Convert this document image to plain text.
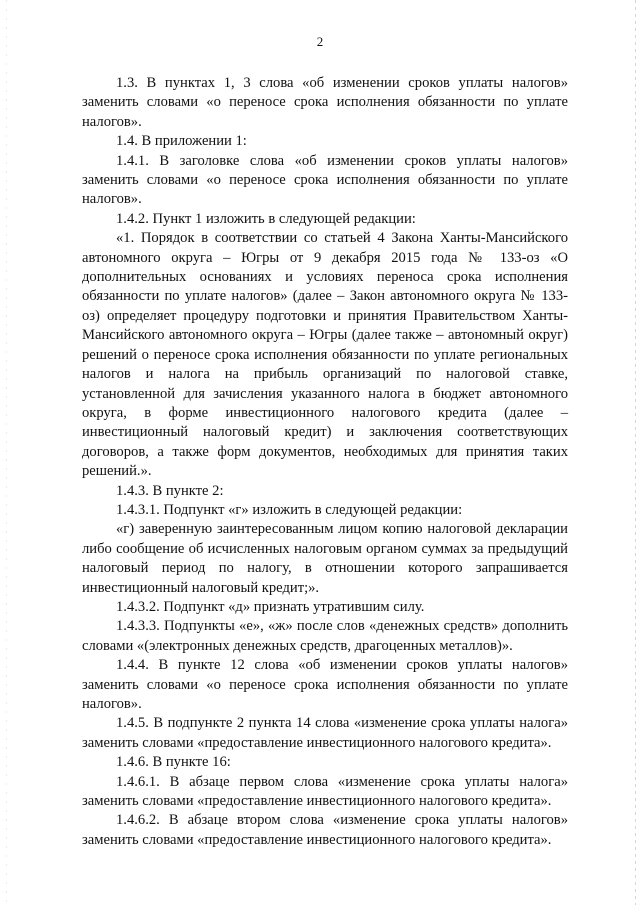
2

1.3. В пунктах 1, 3 слова «об изменении сроков уплаты налогов» заменить словами «о переносе срока исполнения обязанности по уплате налогов».

1.4. В приложении 1:

1.4.1. В заголовке слова «об изменении сроков уплаты налогов» заменить словами «о переносе срока исполнения обязанности по уплате налогов».

1.4.2. Пункт 1 изложить в следующей редакции:

«1. Порядок в соответствии со статьей 4 Закона Ханты-Мансийского автономного округа – Югры от 9 декабря 2015 года № 133-оз «О дополнительных основаниях и условиях переноса срока исполнения обязанности по уплате налогов» (далее – Закон автономного округа № 133-оз) определяет процедуру подготовки и принятия Правительством Ханты-Мансийского автономного округа – Югры (далее также – автономный округ) решений о переносе срока исполнения обязанности по уплате региональных налогов и налога на прибыль организаций по налоговой ставке, установленной для зачисления указанного налога в бюджет автономного округа, в форме инвестиционного налогового кредита (далее – инвестиционный налоговый кредит) и заключения соответствующих договоров, а также форм документов, необходимых для принятия таких решений.».

1.4.3. В пункте 2:

1.4.3.1. Подпункт «г» изложить в следующей редакции:

«г) заверенную заинтересованным лицом копию налоговой декларации либо сообщение об исчисленных налоговым органом суммах за предыдущий налоговый период по налогу, в отношении которого запрашивается инвестиционный налоговый кредит;».

1.4.3.2. Подпункт «д» признать утратившим силу.

1.4.3.3. Подпункты «е», «ж» после слов «денежных средств» дополнить словами «(электронных денежных средств, драгоценных металлов)».

1.4.4. В пункте 12 слова «об изменении сроков уплаты налогов» заменить словами «о переносе срока исполнения обязанности по уплате налогов».

1.4.5. В подпункте 2 пункта 14 слова «изменение срока уплаты налога» заменить словами «предоставление инвестиционного налогового кредита».

1.4.6. В пункте 16:

1.4.6.1. В абзаце первом слова «изменение срока уплаты налога» заменить словами «предоставление инвестиционного налогового кредита».

1.4.6.2. В абзаце втором слова «изменение срока уплаты налогов» заменить словами «предоставление инвестиционного налогового кредита».
